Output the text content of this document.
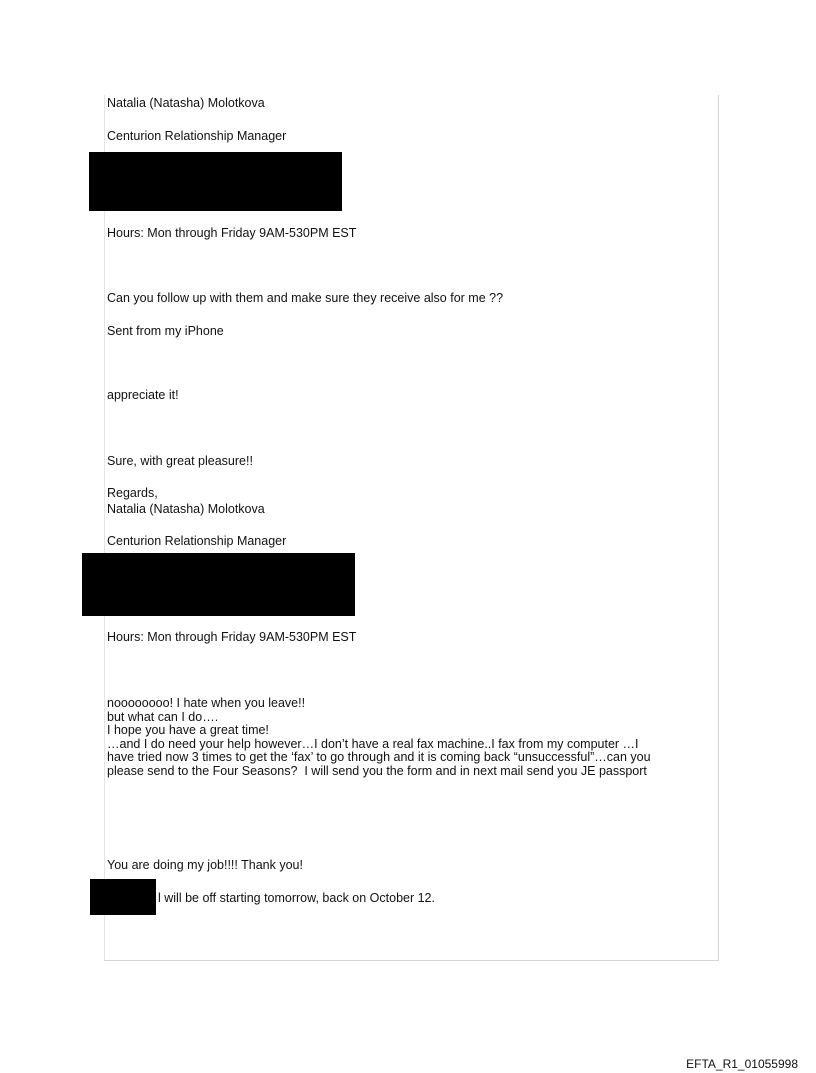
Natalia (Natasha) Molotkova

Centurion Relationship Manager

Hours: Mon through Friday 9AM-530PM EST

Can you follow up with them and make sure they receive also for me ??

Sent from my iPhone

appreciate it!

Sure, with great pleasure!!

Regards,

Natalia (Natasha) Molotkova

Centurion Relationship Manager

Hours: Mon through Friday 9AM-530PM EST

noooooooo! I hate when you leave!!
but what can I do….
I hope you have a great time!
…and I do need your help however…I don’t have a real fax machine..I fax from my computer …I
have tried now 3 times to get the ‘fax’ to go through and it is coming back “unsuccessful”…can you
please send to the Four Seasons?  I will send you the form and in next mail send you JE passport

You are doing my job!!!! Thank you!

l will be off starting tomorrow, back on October 12.

EFTA_R1_01055998
